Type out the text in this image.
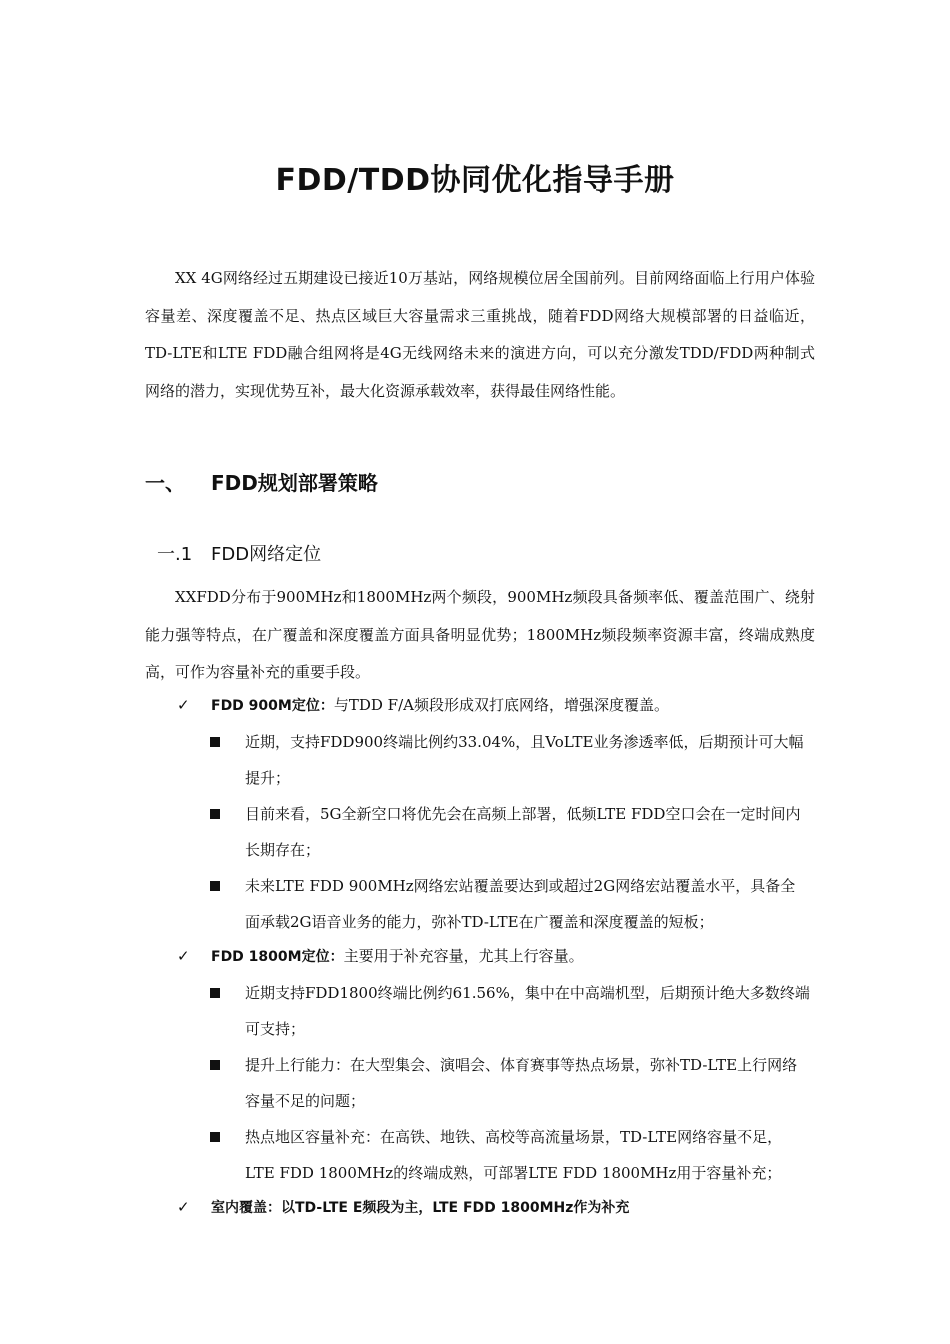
FDD/TDD协同优化指导手册
XX 4G网络经过五期建设已接近10万基站，网络规模位居全国前列。目前网络面临上行用户体验容量差、深度覆盖不足、热点区域巨大容量需求三重挑战，随着FDD网络大规模部署的日益临近，TD-LTE和LTE FDD融合组网将是4G无线网络未来的演进方向，可以充分激发TDD/FDD两种制式网络的潜力，实现优势互补，最大化资源承载效率，获得最佳网络性能。
一、 FDD规划部署策略
一.1 FDD网络定位
XXFDD分布于900MHz和1800MHz两个频段，900MHz频段具备频率低、覆盖范围广、绕射能力强等特点，在广覆盖和深度覆盖方面具备明显优势；1800MHz频段频率资源丰富，终端成熟度高，可作为容量补充的重要手段。
✓ FDD 900M定位：与TDD F/A频段形成双打底网络，增强深度覆盖。
近期，支持FDD900终端比例约33.04%，且VoLTE业务渗透率低，后期预计可大幅提升；
目前来看，5G全新空口将优先会在高频上部署，低频LTE FDD空口会在一定时间内长期存在；
未来LTE FDD 900MHz网络宏站覆盖要达到或超过2G网络宏站覆盖水平，具备全面承载2G语音业务的能力，弥补TD-LTE在广覆盖和深度覆盖的短板；
✓ FDD 1800M定位：主要用于补充容量，尤其上行容量。
近期支持FDD1800终端比例约61.56%，集中在中高端机型，后期预计绝大多数终端可支持；
提升上行能力：在大型集会、演唱会、体育赛事等热点场景，弥补TD-LTE上行网络容量不足的问题；
热点地区容量补充：在高铁、地铁、高校等高流量场景，TD-LTE网络容量不足，LTE FDD 1800MHz的终端成熟，可部署LTE FDD 1800MHz用于容量补充；
✓ 室内覆盖：以TD-LTE E频段为主，LTE FDD 1800MHz作为补充
